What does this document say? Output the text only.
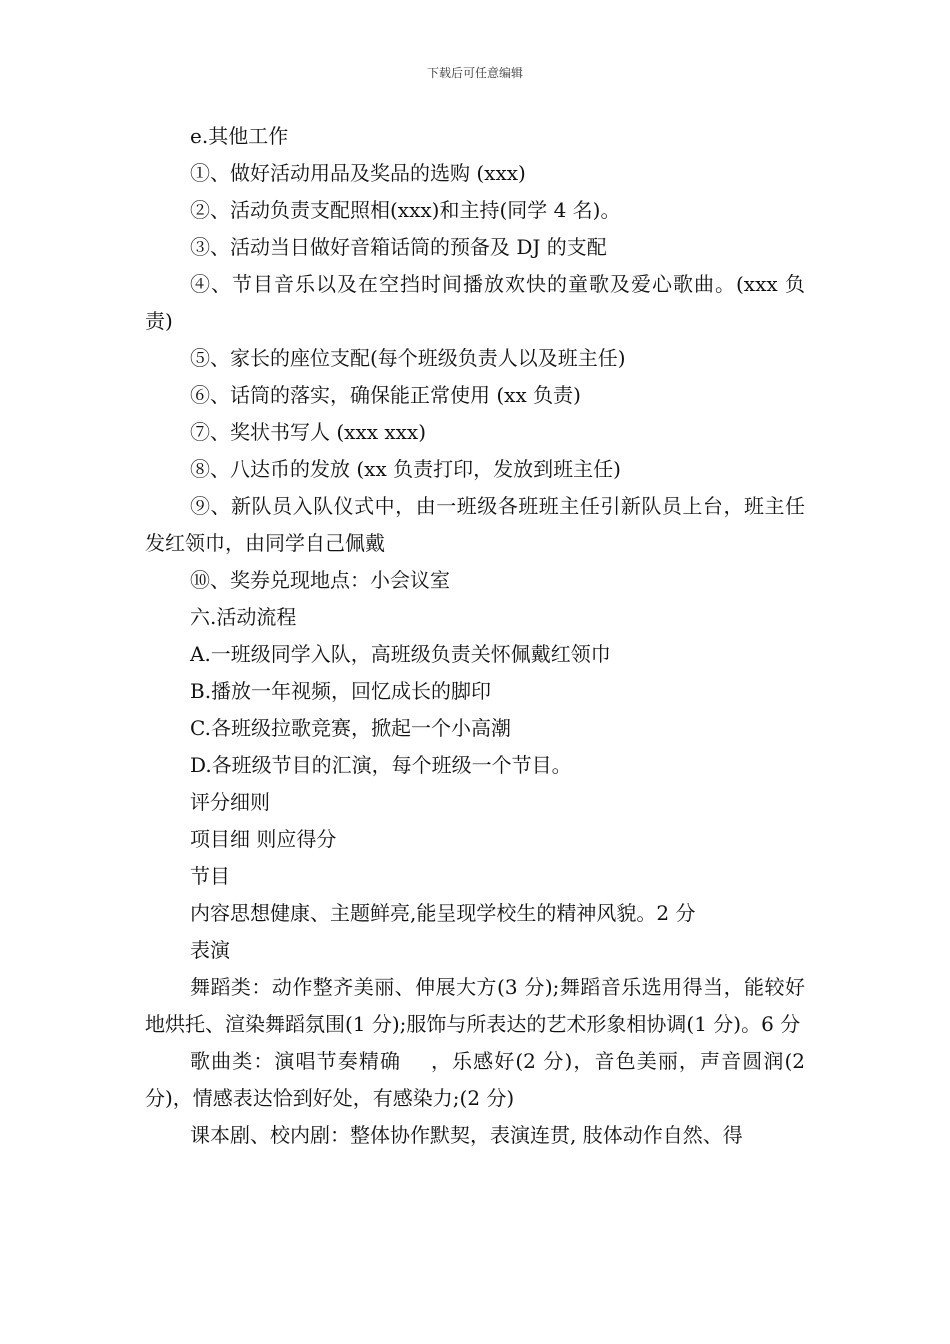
下载后可任意编辑

e.其他工作

①、做好活动用品及奖品的选购 (xxx)

②、活动负责支配照相(xxx)和主持(同学 4 名)。

③、活动当日做好音箱话筒的预备及 DJ 的支配

④、节目音乐以及在空挡时间播放欢快的童歌及爱心歌曲。(xxx 负责)

⑤、家长的座位支配(每个班级负责人以及班主任)

⑥、话筒的落实，确保能正常使用 (xx 负责)

⑦、奖状书写人 (xxx xxx)

⑧、八达币的发放 (xx 负责打印，发放到班主任)

⑨、新队员入队仪式中，由一班级各班班主任引新队员上台，班主任发红领巾，由同学自己佩戴

⑩、奖券兑现地点：小会议室

六.活动流程

A.一班级同学入队，高班级负责关怀佩戴红领巾

B.播放一年视频，回忆成长的脚印

C.各班级拉歌竞赛，掀起一个小高潮

D.各班级节目的汇演，每个班级一个节目。

评分细则

项目细 则应得分

节目

内容思想健康、主题鲜亮,能呈现学校生的精神风貌。2 分

表演

舞蹈类：动作整齐美丽、伸展大方(3 分);舞蹈音乐选用得当，能较好地烘托、渲染舞蹈氛围(1 分);服饰与所表达的艺术形象相协调(1 分)。6 分

歌曲类：演唱节奏精确    ，乐感好(2 分)，音色美丽，声音圆润(2 分)，情感表达恰到好处，有感染力;(2 分)

课本剧、校内剧：整体协作默契，表演连贯, 肢体动作自然、得
